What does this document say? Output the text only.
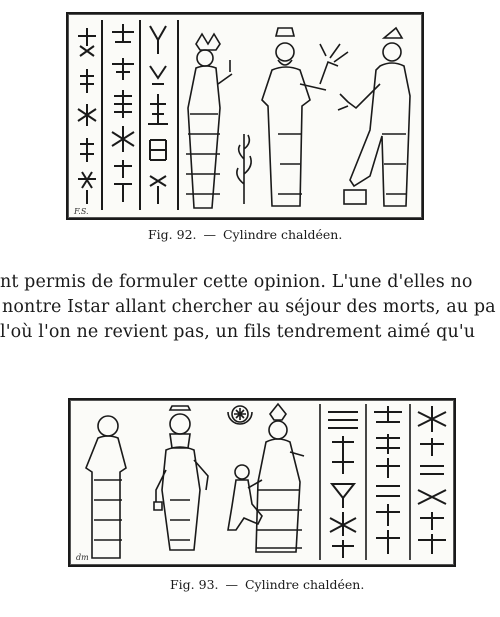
F.S.
Fig. 92. — Cylindre chaldéen.
nt permis de formuler cette opinion. L'une d'elles no
nontre Istar allant chercher au séjour des morts, au pa
l'où l'on ne revient pas, un fils tendrement aimé qu'u
dm
Fig. 93. — Cylindre chaldéen.
